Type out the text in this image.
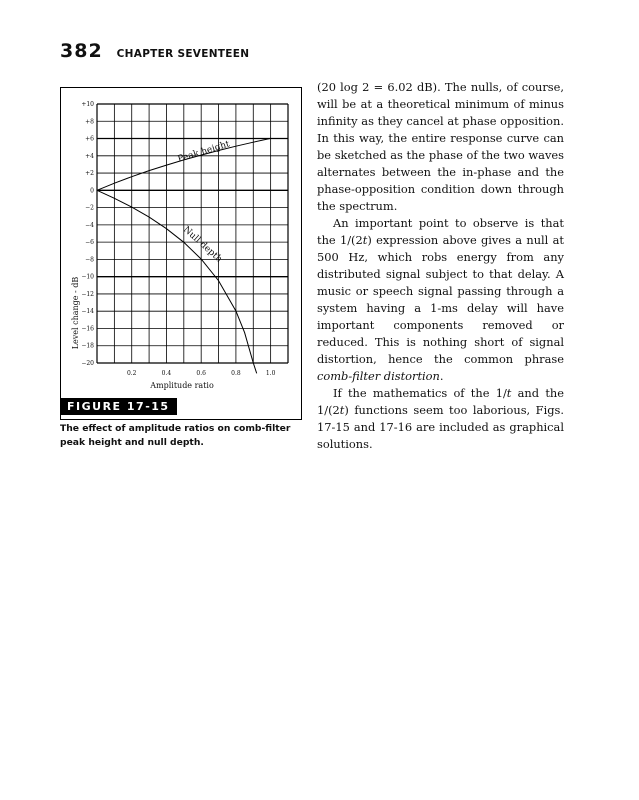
382 CHAPTER SEVENTEEN
+10
+8
+6
+4
+2
0
−2
−4
−6
−8
−10
−12
−14
−16
−18
−20
0.2	0.4	0.6	0.8	1.0
Peak height
Null depth
Amplitude ratio
Level change - dB
FIGURE 17-15
The effect of amplitude ratios on comb-filter peak height and null depth.

(20 log 2 = 6.02 dB). The nulls, of course, will be at a theoretical minimum of minus infinity as they cancel at phase opposition. In this way, the entire response curve can be sketched as the phase of the two waves alternates between the in-phase and the phase-opposition condition down through the spectrum.

An important point to observe is that the 1/(2t) expression above gives a null at 500 Hz, which robs energy from any distributed signal subject to that delay. A music or speech signal passing through a system having a 1-ms delay will have important components removed or reduced. This is nothing short of signal distortion, hence the common phrase comb-filter distortion.

If the mathematics of the 1/t and the 1/(2t) functions seem too laborious, Figs. 17-15 and 17-16 are included as graphical solutions.
